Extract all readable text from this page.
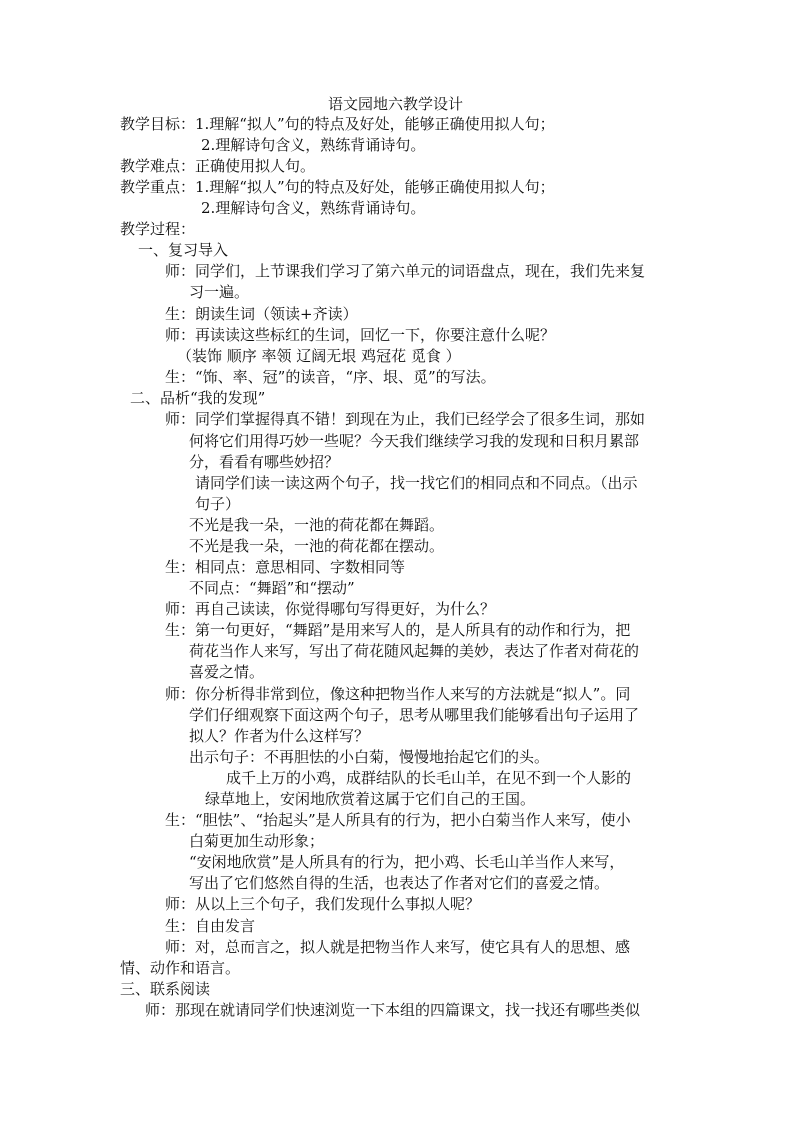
语文园地六教学设计
教学目标：1.理解“拟人”句的特点及好处，能够正确使用拟人句；
2.理解诗句含义，熟练背诵诗句。
教学难点：正确使用拟人句。
教学重点：1.理解“拟人”句的特点及好处，能够正确使用拟人句；
2.理解诗句含义，熟练背诵诗句。
教学过程：
一、复习导入
师：同学们，上节课我们学习了第六单元的词语盘点，现在，我们先来复
习一遍。
生：朗读生词（领读+齐读）
师：再读读这些标红的生词，回忆一下，你要注意什么呢？
（装饰 顺序 率领 辽阔无垠 鸡冠花 觅食 ）
生：“饰、率、冠”的读音，“序、垠、觅”的写法。
二、品析“我的发现”
师：同学们掌握得真不错！到现在为止，我们已经学会了很多生词，那如
何将它们用得巧妙一些呢？今天我们继续学习我的发现和日积月累部
分，看看有哪些妙招？
请同学们读一读这两个句子，找一找它们的相同点和不同点。（出示
句子）
不光是我一朵，一池的荷花都在舞蹈。
不光是我一朵，一池的荷花都在摆动。
生：相同点：意思相同、字数相同等
不同点：“舞蹈”和“摆动”
师：再自己读读，你觉得哪句写得更好，为什么？
生：第一句更好，“舞蹈”是用来写人的，是人所具有的动作和行为，把
荷花当作人来写，写出了荷花随风起舞的美妙，表达了作者对荷花的
喜爱之情。
师：你分析得非常到位，像这种把物当作人来写的方法就是“拟人”。同
学们仔细观察下面这两个句子，思考从哪里我们能够看出句子运用了
拟人？作者为什么这样写？
出示句子：不再胆怯的小白菊，慢慢地抬起它们的头。
成千上万的小鸡，成群结队的长毛山羊，在见不到一个人影的
绿草地上，安闲地欣赏着这属于它们自己的王国。
生：“胆怯”、“抬起头”是人所具有的行为，把小白菊当作人来写，使小
白菊更加生动形象；
“安闲地欣赏”是人所具有的行为，把小鸡、长毛山羊当作人来写，
写出了它们悠然自得的生活，也表达了作者对它们的喜爱之情。
师：从以上三个句子，我们发现什么事拟人呢？
生：自由发言
师：对，总而言之，拟人就是把物当作人来写，使它具有人的思想、感
情、动作和语言。
三、联系阅读
师：那现在就请同学们快速浏览一下本组的四篇课文，找一找还有哪些类似
